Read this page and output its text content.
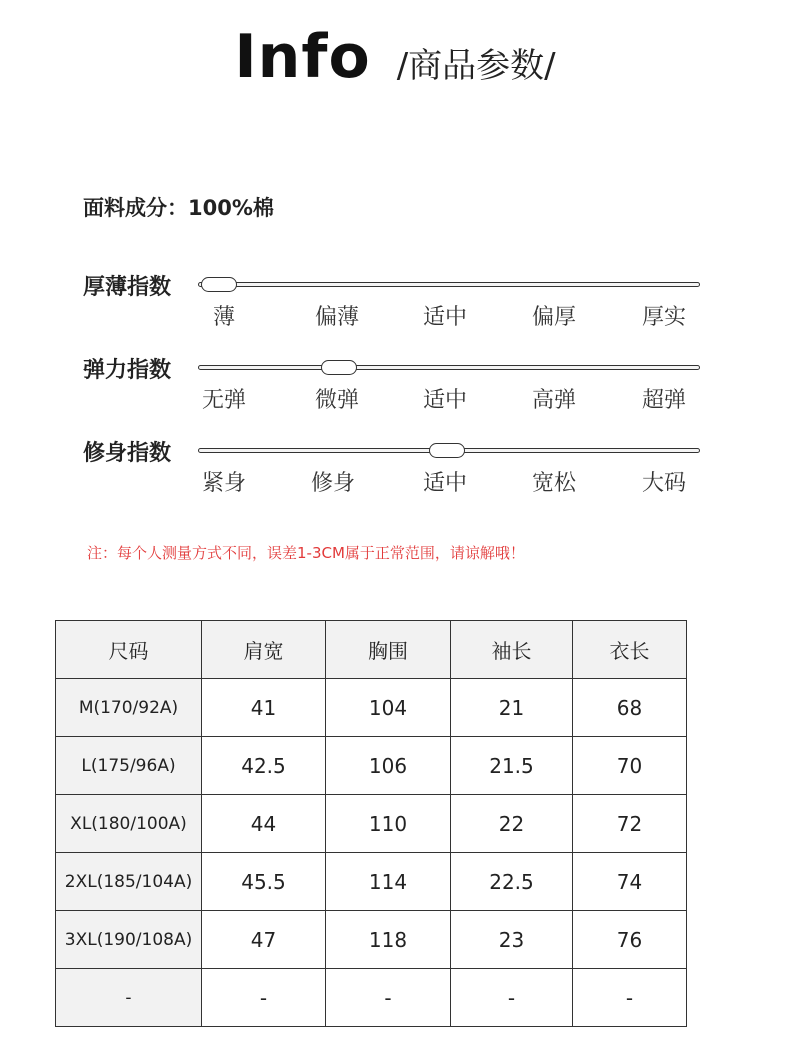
Info /商品参数/
面料成分：100%棉
厚薄指数
薄	偏薄	适中	偏厚	厚实
弹力指数
无弹	微弹	适中	高弹	超弹
修身指数
紧身	修身	适中	宽松	大码
注：每个人测量方式不同，误差1-3CM属于正常范围，请谅解哦！
尺码	肩宽	胸围	袖长	衣长
M(170/92A)	41	104	21	68
L(175/96A)	42.5	106	21.5	70
XL(180/100A)	44	110	22	72
2XL(185/104A)	45.5	114	22.5	74
3XL(190/108A)	47	118	23	76
-	-	-	-	-
